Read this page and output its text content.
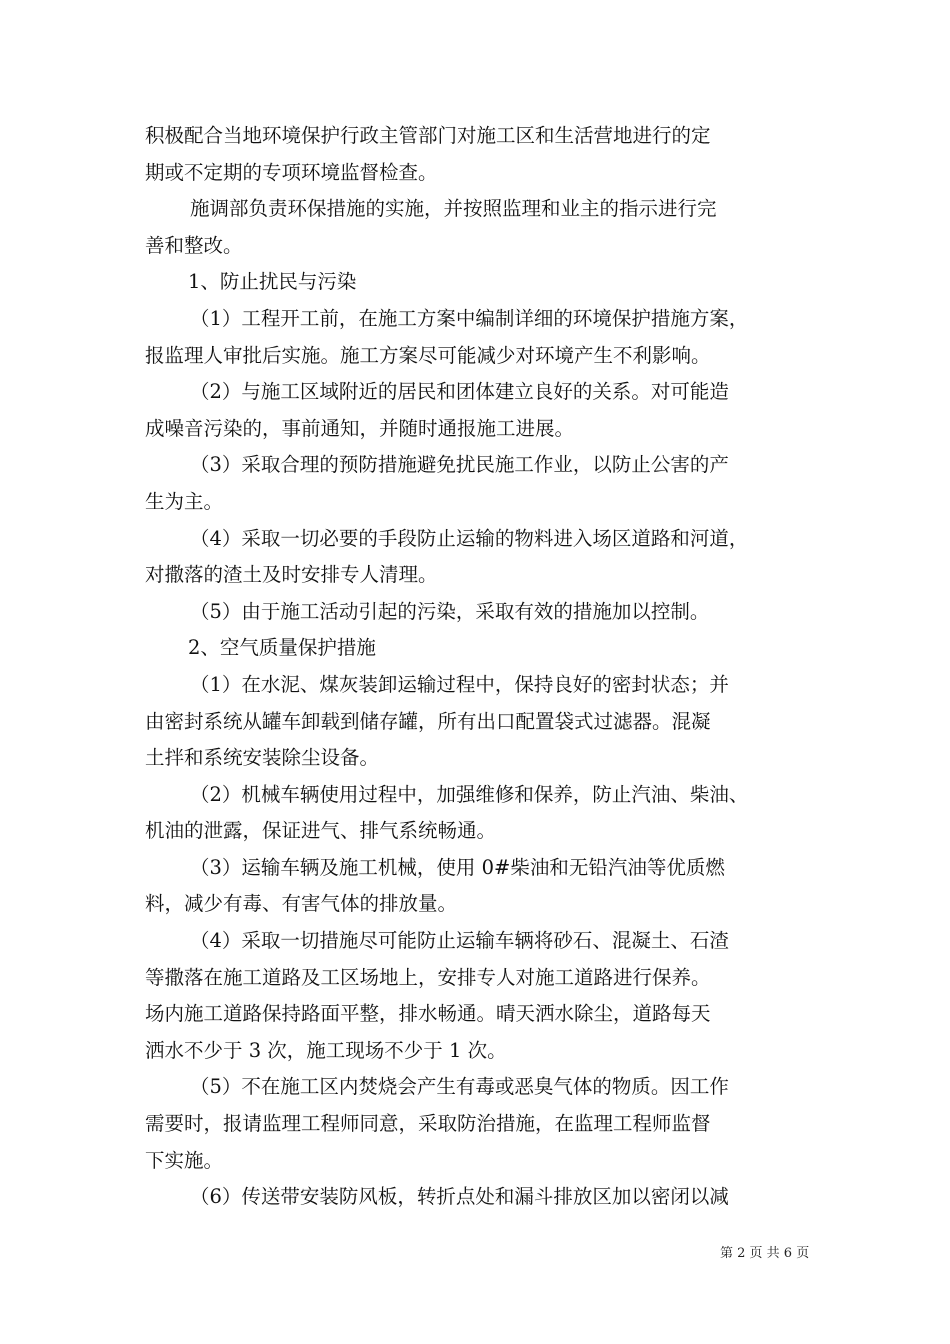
积极配合当地环境保护行政主管部门对施工区和生活营地进行的定
期或不定期的专项环境监督检查。
施调部负责环保措施的实施，并按照监理和业主的指示进行完
善和整改。
1、防止扰民与污染
（1）工程开工前，在施工方案中编制详细的环境保护措施方案，
报监理人审批后实施。施工方案尽可能减少对环境产生不利影响。
（2）与施工区域附近的居民和团体建立良好的关系。对可能造
成噪音污染的，事前通知，并随时通报施工进展。
（3）采取合理的预防措施避免扰民施工作业，以防止公害的产
生为主。
（4）采取一切必要的手段防止运输的物料进入场区道路和河道，
对撒落的渣土及时安排专人清理。
（5）由于施工活动引起的污染，采取有效的措施加以控制。
2、空气质量保护措施
（1）在水泥、煤灰装卸运输过程中，保持良好的密封状态；并
由密封系统从罐车卸载到储存罐，所有出口配置袋式过滤器。混凝
土拌和系统安装除尘设备。
（2）机械车辆使用过程中，加强维修和保养，防止汽油、柴油、
机油的泄露，保证进气、排气系统畅通。
（3）运输车辆及施工机械，使用 0#柴油和无铅汽油等优质燃
料，减少有毒、有害气体的排放量。
（4）采取一切措施尽可能防止运输车辆将砂石、混凝土、石渣
等撒落在施工道路及工区场地上，安排专人对施工道路进行保养。
场内施工道路保持路面平整，排水畅通。晴天洒水除尘，道路每天
洒水不少于 3 次，施工现场不少于 1 次。
（5）不在施工区内焚烧会产生有毒或恶臭气体的物质。因工作
需要时，报请监理工程师同意，采取防治措施，在监理工程师监督
下实施。
（6）传送带安装防风板，转折点处和漏斗排放区加以密闭以减
第 2 页 共 6 页
